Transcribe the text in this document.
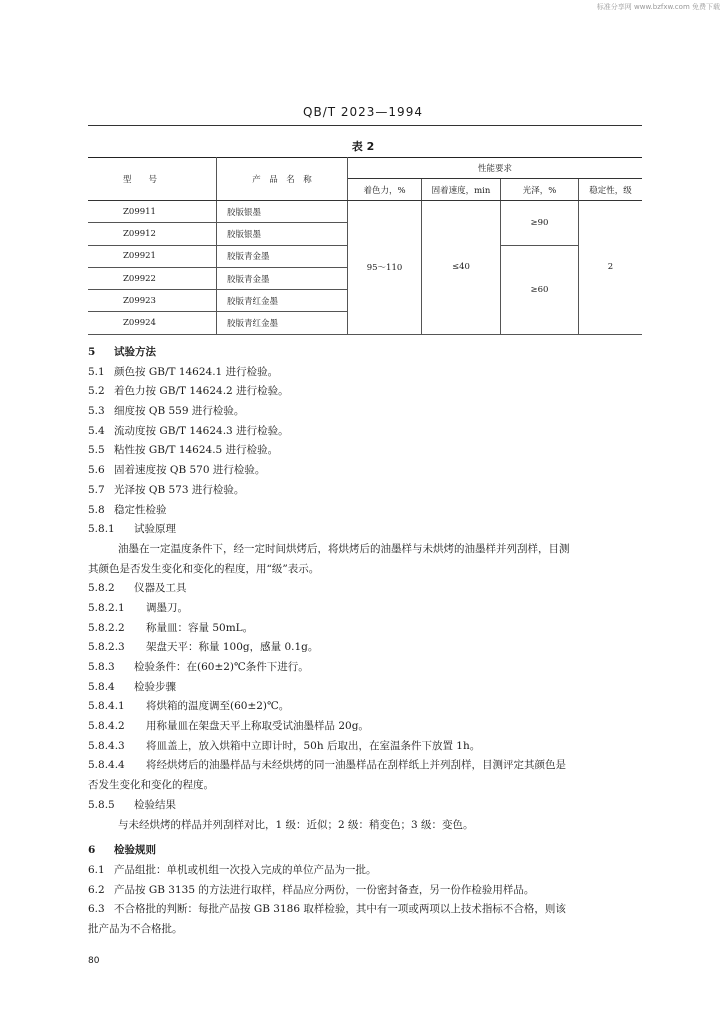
标准分享网 www.bzfxw.com 免费下载
QB/T 2023—1994
表 2
型　　号	产　品　名　称	性能要求			
		着色力，%	固着速度，min	光泽，%	稳定性，级
Z09911	胶版银墨	95～110	≤40	≥90	2
Z09912	胶版银墨				
Z09921	胶版青金墨			≥60	
Z09922	胶版青金墨				
Z09923	胶版青红金墨				
Z09924	胶版青红金墨				
5 试验方法
5.1 颜色按 GB/T 14624.1 进行检验。
5.2 着色力按 GB/T 14624.2 进行检验。
5.3 细度按 QB 559 进行检验。
5.4 流动度按 GB/T 14624.3 进行检验。
5.5 粘性按 GB/T 14624.5 进行检验。
5.6 固着速度按 QB 570 进行检验。
5.7 光泽按 QB 573 进行检验。
5.8 稳定性检验
5.8.1 试验原理
油墨在一定温度条件下，经一定时间烘烤后，将烘烤后的油墨样与未烘烤的油墨样并列刮样，目测
其颜色是否发生变化和变化的程度，用“级”表示。
5.8.2 仪器及工具
5.8.2.1 调墨刀。
5.8.2.2 称量皿：容量 50mL。
5.8.2.3 架盘天平：称量 100g，感量 0.1g。
5.8.3 检验条件：在(60±2)℃条件下进行。
5.8.4 检验步骤
5.8.4.1 将烘箱的温度调至(60±2)℃。
5.8.4.2 用称量皿在架盘天平上称取受试油墨样品 20g。
5.8.4.3 将皿盖上，放入烘箱中立即计时，50h 后取出，在室温条件下放置 1h。
5.8.4.4 将经烘烤后的油墨样品与未经烘烤的同一油墨样品在刮样纸上并列刮样，目测评定其颜色是
否发生变化和变化的程度。
5.8.5 检验结果
与未经烘烤的样品并列刮样对比，1 级：近似；2 级：稍变色；3 级：变色。
6 检验规则
6.1 产品组批：单机或机组一次投入完成的单位产品为一批。
6.2 产品按 GB 3135 的方法进行取样，样品应分两份，一份密封备查，另一份作检验用样品。
6.3 不合格批的判断：每批产品按 GB 3186 取样检验，其中有一项或两项以上技术指标不合格，则该
批产品为不合格批。
80
